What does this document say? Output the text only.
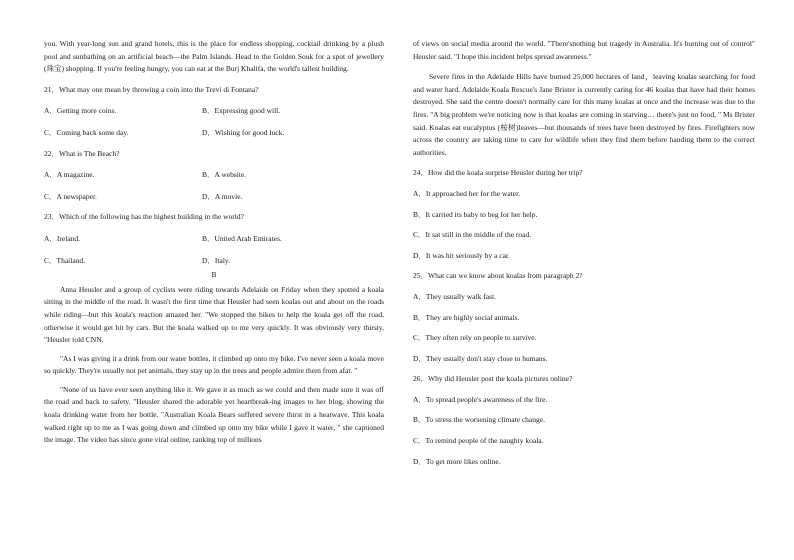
you. With year-long sun and grand hotels, this is the place for endless shopping, cocktail drinking by a plush pool and sunbathing on an artificial beach—the Palm Islands. Head to the Golden Souk for a spot of jewellery (珠宝) shopping. If you're feeling hungry, you can eat at the Burj Khalifa, the world's tallest building.

21．What may one mean by throwing a coin into the Trevi di Fontana?

A．Getting more coins.	B．Expressing good will.
C．Coming back some day.	D．Wishing for good luck.

22．What is The Beach?

A．A magazine.	B．A website.
C．A newspaper.	D．A movie.

23．Which of the following has the highest building in the world?

A．Ireland.	B．United Arab Emirates.
C．Thailand.	D．Italy.

B

Anna Heusler and a group of cyclists were riding towards Adelaide on Friday when they spotted a koala sitting in the middle of the road. It wasn't the first time that Heusler had seen koalas out and about on the roads while riding—but this koala's reaction amazed her. "We stopped the bikes to help the koala get off the road, otherwise it would get hit by cars. But the koala walked up to me very quickly. It was obviously very thirsty, "Heusler told CNN.

"As I was giving it a drink from our water bottles, it climbed up onto my bike. I've never seen a koala move so quickly. They're usually not pet animals, they stay up in the trees and people admire them from afar. "

"None of us have ever seen anything like it. We gave it as much as we could and then made sure it was off the road and back to safety. "Heusler shared the adorable yet heartbreak-ing images to her blog, showing the koala drinking water from her bottle. "Australian Koala Bears suffered severe thirst in a heatwave. This koala walked right up to me as I was going down and climbed up onto my bike while I gave it water, " she captioned the image. The video has since gone viral online, ranking top of millions

of views on social media around the world. "There'snothing but tragedy in Australia. It's burning out of control" Heusler said. "I hope this incident helps spread awareness."

Severe fires in the Adelaide Hills have burned 25,000 hectares of land，leaving koalas searching for food and water hard. Adelaide Koala Rescue's Jane Brister is currently caring for 46 koalas that have had their homes destroyed. She said the centre doesn't normally care for this many koalas at once and the increase was due to the fires. "A big problem we're noticing now is that koalas are coming in starving… there's just no food, " Ms Brister said. Koalas eat eucalyptus (桉树)leaves—but thousands of trees have been destroyed by fires. Firefighters now across the country are taking time to care for wildlife when they find them before handing them to the correct authorities.

24．How did the koala surprise Heusler during her trip?

A．It approached her for the water.

B．It carried its baby to beg for her help.

C．It sat still in the middle of the road.

D．It was hit seriously by a car.

25．What can we know about koalas from paragraph 2?

A．They usually walk fast.

B．They are highly social animals.

C．They often rely on people to survive.

D．They usually don't stay close to humans.

26．Why did Heusler post the koala pictures online?

A．To spread people's awareness of the fire.

B．To stress the worsening climate change.

C．To remind people of the naughty koala.

D．To get more likes online.
